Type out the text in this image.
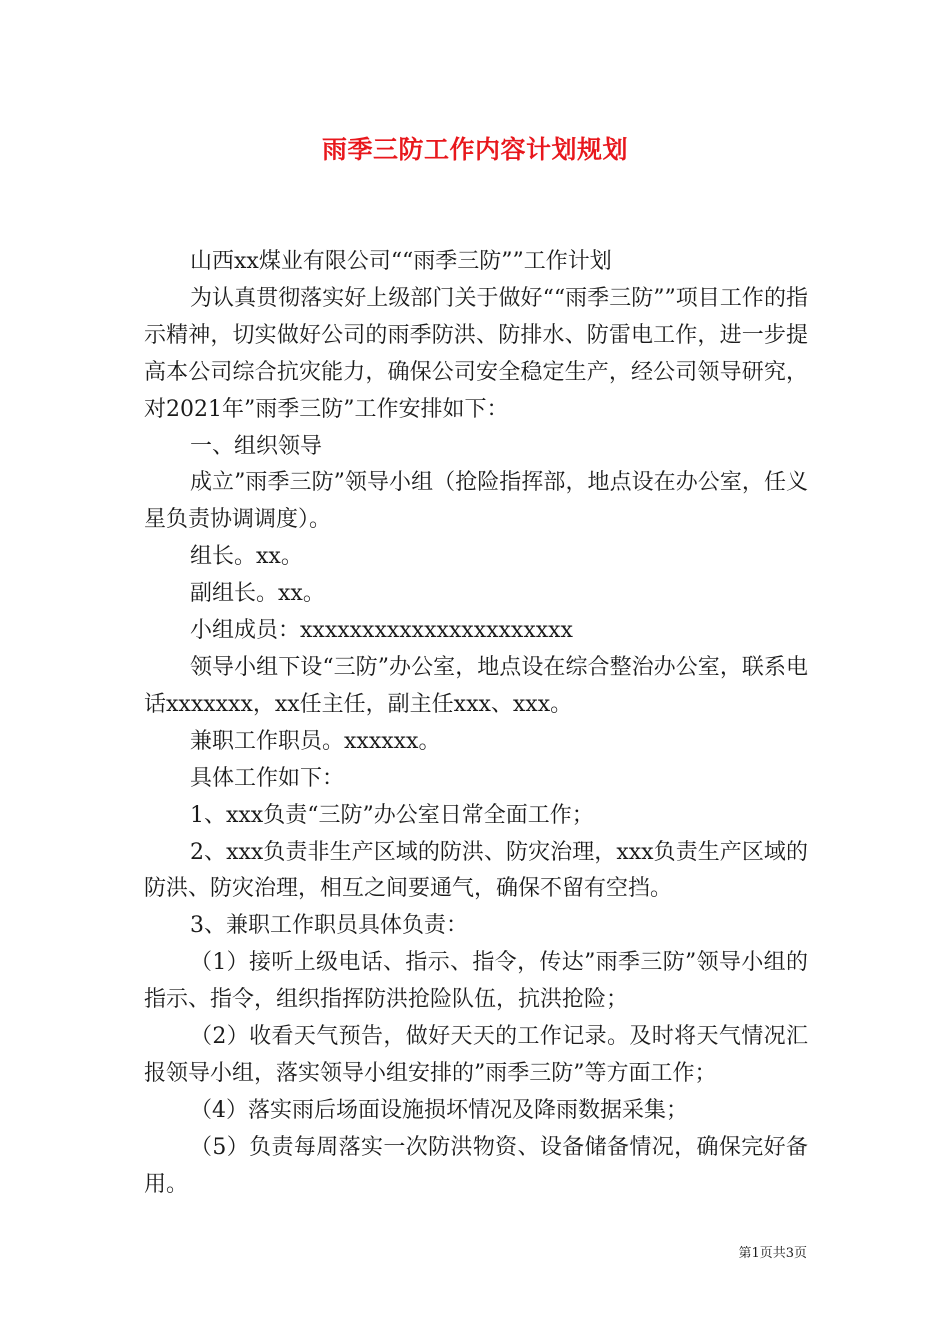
雨季三防工作内容计划规划

山西xx煤业有限公司““雨季三防””工作计划

为认真贯彻落实好上级部门关于做好““雨季三防””项目工作的指示精神，切实做好公司的雨季防洪、防排水、防雷电工作，进一步提高本公司综合抗灾能力，确保公司安全稳定生产，经公司领导研究，对2021年”雨季三防”工作安排如下：

一、组织领导

成立”雨季三防”领导小组（抢险指挥部，地点设在办公室，任义星负责协调调度）。

组长。xx。

副组长。xx。

小组成员：xxxxxxxxxxxxxxxxxxxxxx

领导小组下设“三防”办公室，地点设在综合整治办公室，联系电话xxxxxxx，xx任主任，副主任xxx、xxx。

兼职工作职员。xxxxxx。

具体工作如下：

1、xxx负责“三防”办公室日常全面工作；

2、xxx负责非生产区域的防洪、防灾治理，xxx负责生产区域的防洪、防灾治理，相互之间要通气，确保不留有空挡。

3、兼职工作职员具体负责：

（1）接听上级电话、指示、指令，传达”雨季三防”领导小组的指示、指令，组织指挥防洪抢险队伍，抗洪抢险；

（2）收看天气预告，做好天天的工作记录。及时将天气情况汇报领导小组，落实领导小组安排的”雨季三防”等方面工作；

（4）落实雨后场面设施损坏情况及降雨数据采集；

（5）负责每周落实一次防洪物资、设备储备情况，确保完好备用。

第1页共3页
